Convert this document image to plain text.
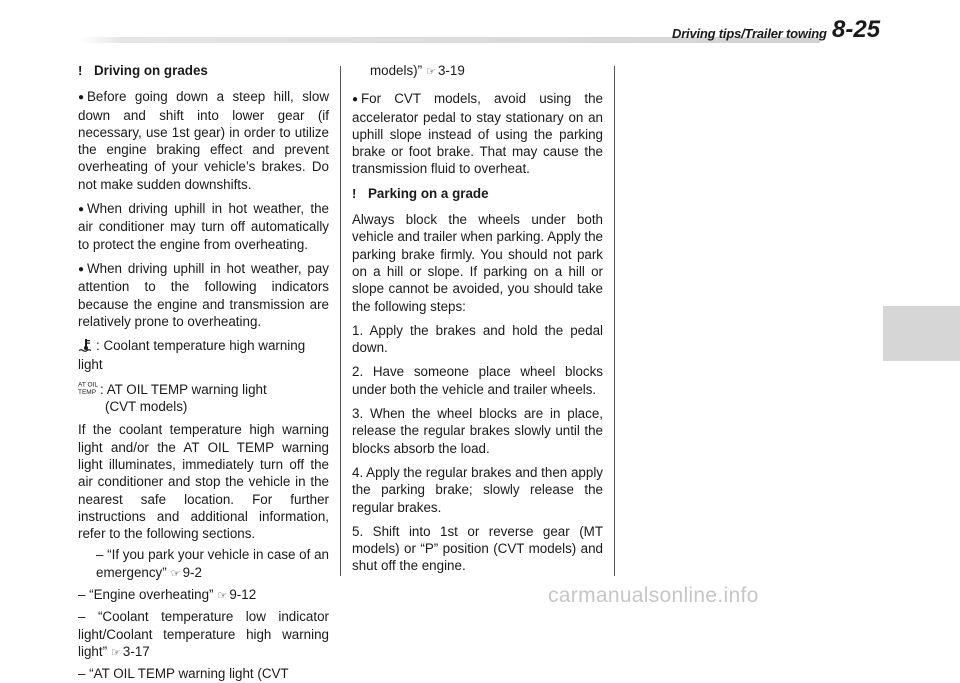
Driving tips/Trailer towing 8-25

! Driving on grades

● Before going down a steep hill, slow down and shift into lower gear (if necessary, use 1st gear) in order to utilize the engine braking effect and prevent overheating of your vehicle’s brakes. Do not make sudden downshifts.

● When driving uphill in hot weather, the air conditioner may turn off automatically to protect the engine from overheating.

● When driving uphill in hot weather, pay attention to the following indicators because the engine and transmission are relatively prone to overheating.

: Coolant temperature high warning light
AT OIL
TEMP : AT OIL TEMP warning light
(CVT models)

If the coolant temperature high warning light and/or the AT OIL TEMP warning light illuminates, immediately turn off the air conditioner and stop the vehicle in the nearest safe location. For further instructions and additional information, refer to the following sections.

– “If you park your vehicle in case of an emergency” ☞ 9-2
– “Engine overheating” ☞ 9-12
– “Coolant temperature low indicator light/Coolant temperature high warning light” ☞ 3-17
– “AT OIL TEMP warning light (CVT

models)” ☞ 3-19

● For CVT models, avoid using the accelerator pedal to stay stationary on an uphill slope instead of using the parking brake or foot brake. That may cause the transmission fluid to overheat.

! Parking on a grade

Always block the wheels under both vehicle and trailer when parking. Apply the parking brake firmly. You should not park on a hill or slope. If parking on a hill or slope cannot be avoided, you should take the following steps:

1. Apply the brakes and hold the pedal down.

2. Have someone place wheel blocks under both the vehicle and trailer wheels.

3. When the wheel blocks are in place, release the regular brakes slowly until the blocks absorb the load.

4. Apply the regular brakes and then apply the parking brake; slowly release the regular brakes.

5. Shift into 1st or reverse gear (MT models) or “P” position (CVT models) and shut off the engine.

carmanualsonline.info
